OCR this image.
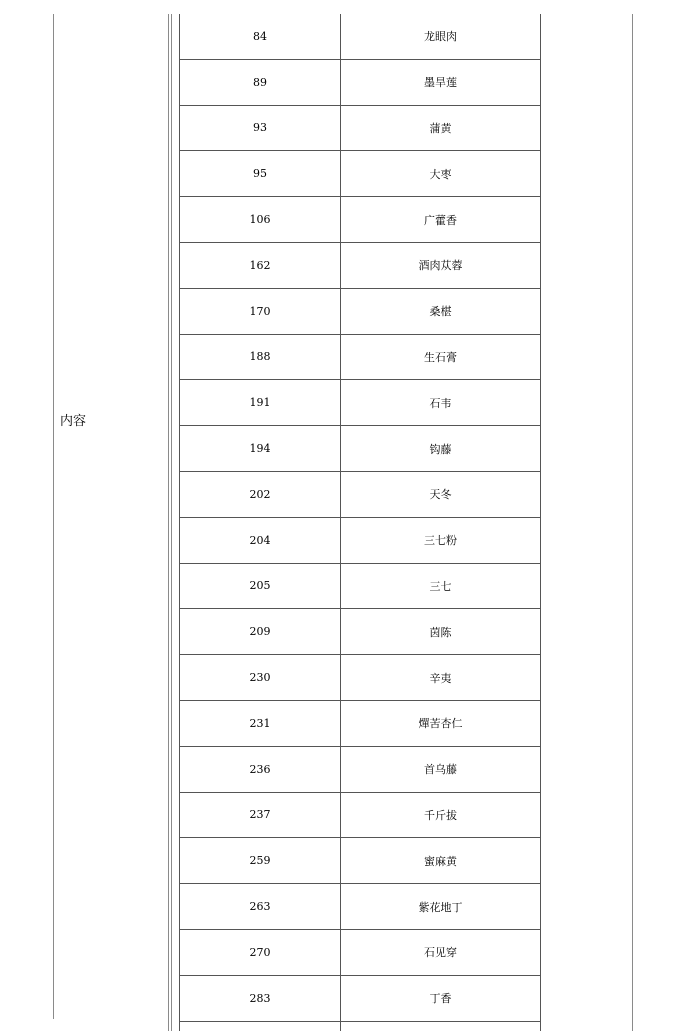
内容
84	龙眼肉
89	墨旱莲
93	蒲黄
95	大枣
106	广藿香
162	酒肉苁蓉
170	桑椹
188	生石膏
191	石韦
194	钩藤
202	天冬
204	三七粉
205	三七
209	茵陈
230	辛夷
231	燀苦杏仁
236	首乌藤
237	千斤拔
259	蜜麻黄
263	紫花地丁
270	石见穿
283	丁香
